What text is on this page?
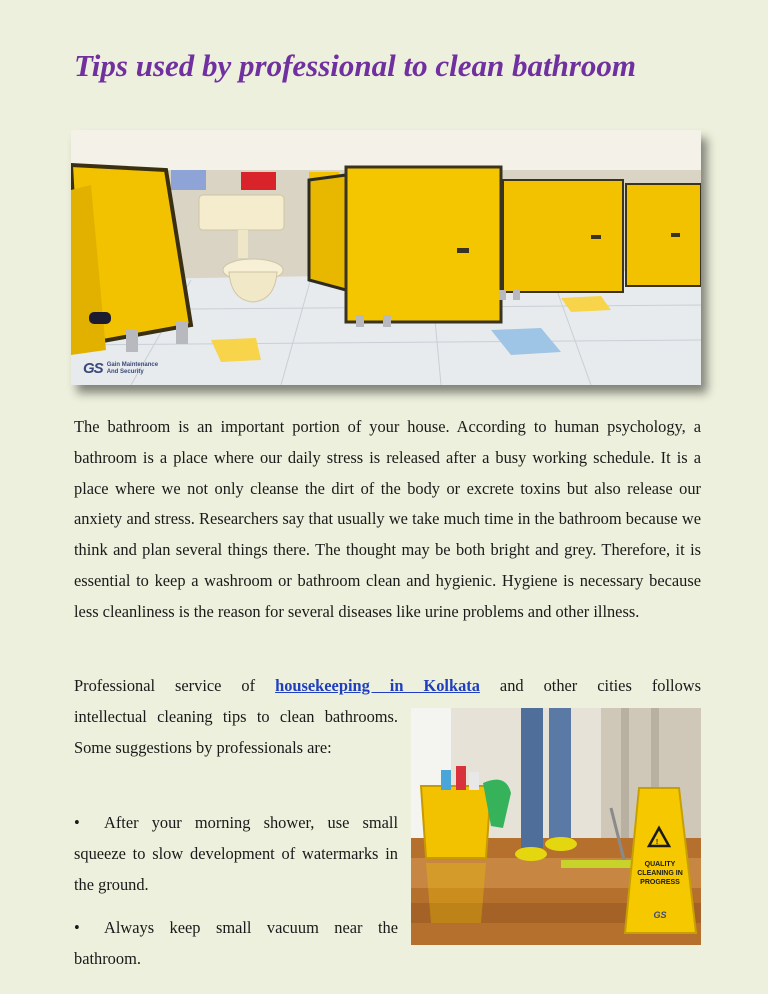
Tips used by professional to clean bathroom
GS Gain Maintenance
And Security

The bathroom is an important portion of your house. According to human psychology, a bathroom is a place where our daily stress is released after a busy working schedule. It is a place where we not only cleanse the dirt of the body or excrete toxins but also release our anxiety and stress. Researchers say that usually we take much time in the bathroom because we think and plan several things there. The thought may be both bright and grey. Therefore, it is essential to keep a washroom or bathroom clean and hygienic. Hygiene is necessary because less cleanliness is the reason for several diseases like urine problems and other illness.

Professional service of housekeeping in Kolkata and other cities follows

intellectual cleaning tips to clean bathrooms. Some suggestions by professionals are:

• After your morning shower, use small squeeze to slow development of watermarks in the ground.

• Always keep small vacuum near the bathroom.

!
QUALITY
CLEANING IN
PROGRESS
GS
